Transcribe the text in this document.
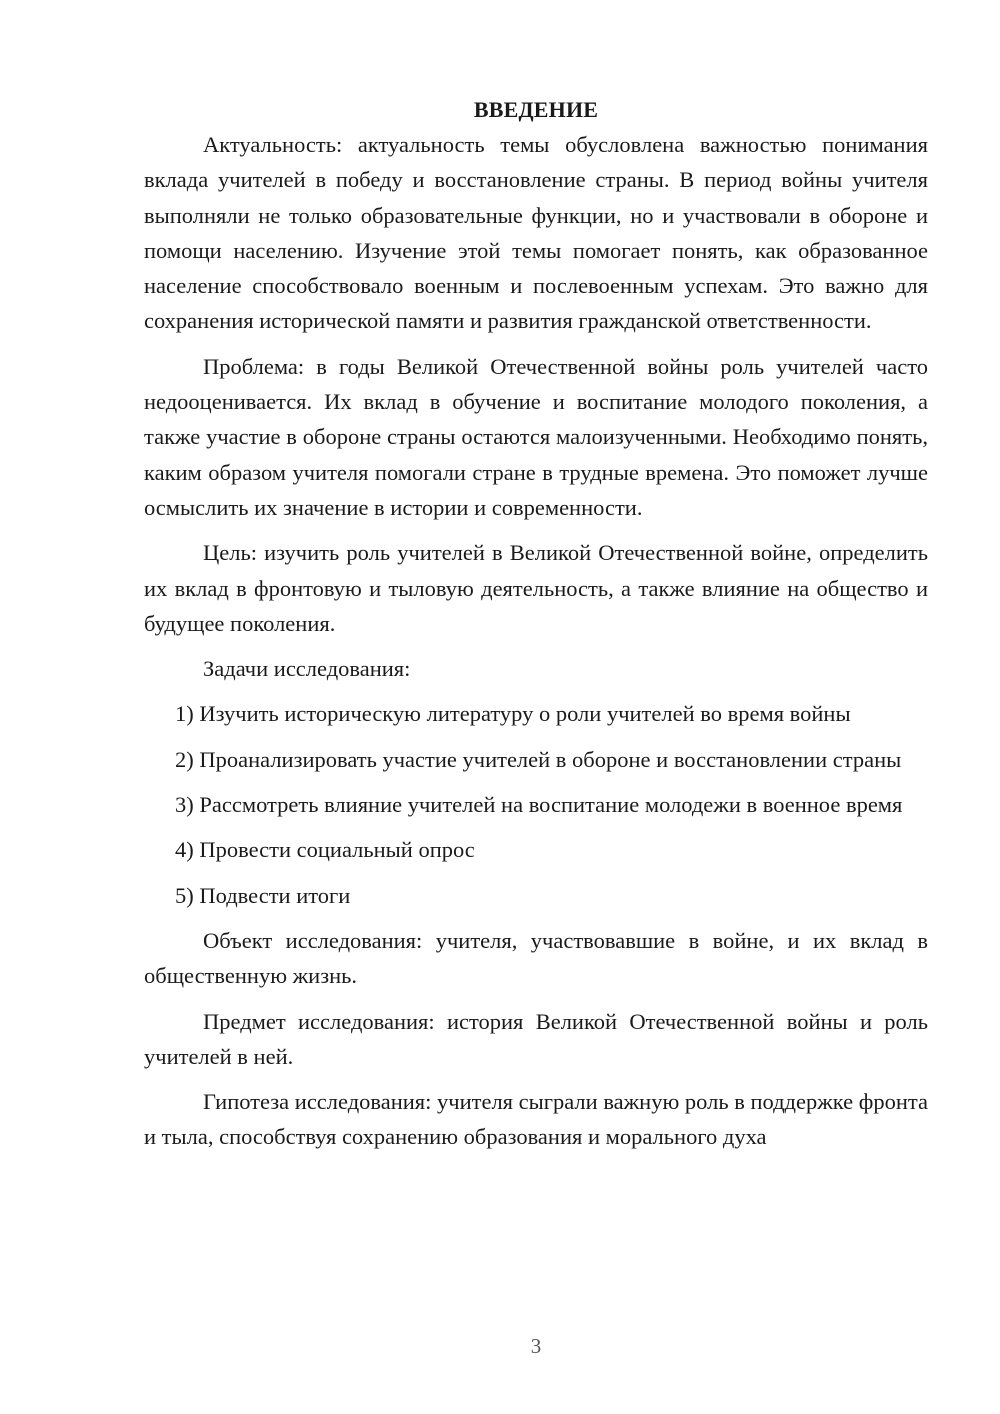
ВВЕДЕНИЕ

Актуальность: актуальность темы обусловлена важностью понимания вклада учителей в победу и восстановление страны. В период войны учителя выполняли не только образовательные функции, но и участвовали в обороне и помощи населению. Изучение этой темы помогает понять, как образованное население способствовало военным и послевоенным успехам. Это важно для сохранения исторической памяти и развития гражданской ответственности.

Проблема: в годы Великой Отечественной войны роль учителей часто недооценивается. Их вклад в обучение и воспитание молодого поколения, а также участие в обороне страны остаются малоизученными. Необходимо понять, каким образом учителя помогали стране в трудные времена. Это поможет лучше осмыслить их значение в истории и современности.

Цель: изучить роль учителей в Великой Отечественной войне, определить их вклад в фронтовую и тыловую деятельность, а также влияние на общество и будущее поколения.

Задачи исследования:

1) Изучить историческую литературу о роли учителей во время войны

2) Проанализировать участие учителей в обороне и восстановлении страны

3) Рассмотреть влияние учителей на воспитание молодежи в военное время

4) Провести социальный опрос

5) Подвести итоги

Объект исследования: учителя, участвовавшие в войне, и их вклад в общественную жизнь.

Предмет исследования: история Великой Отечественной войны и роль учителей в ней.

Гипотеза исследования: учителя сыграли важную роль в поддержке фронта и тыла, способствуя сохранению образования и морального духа

3
